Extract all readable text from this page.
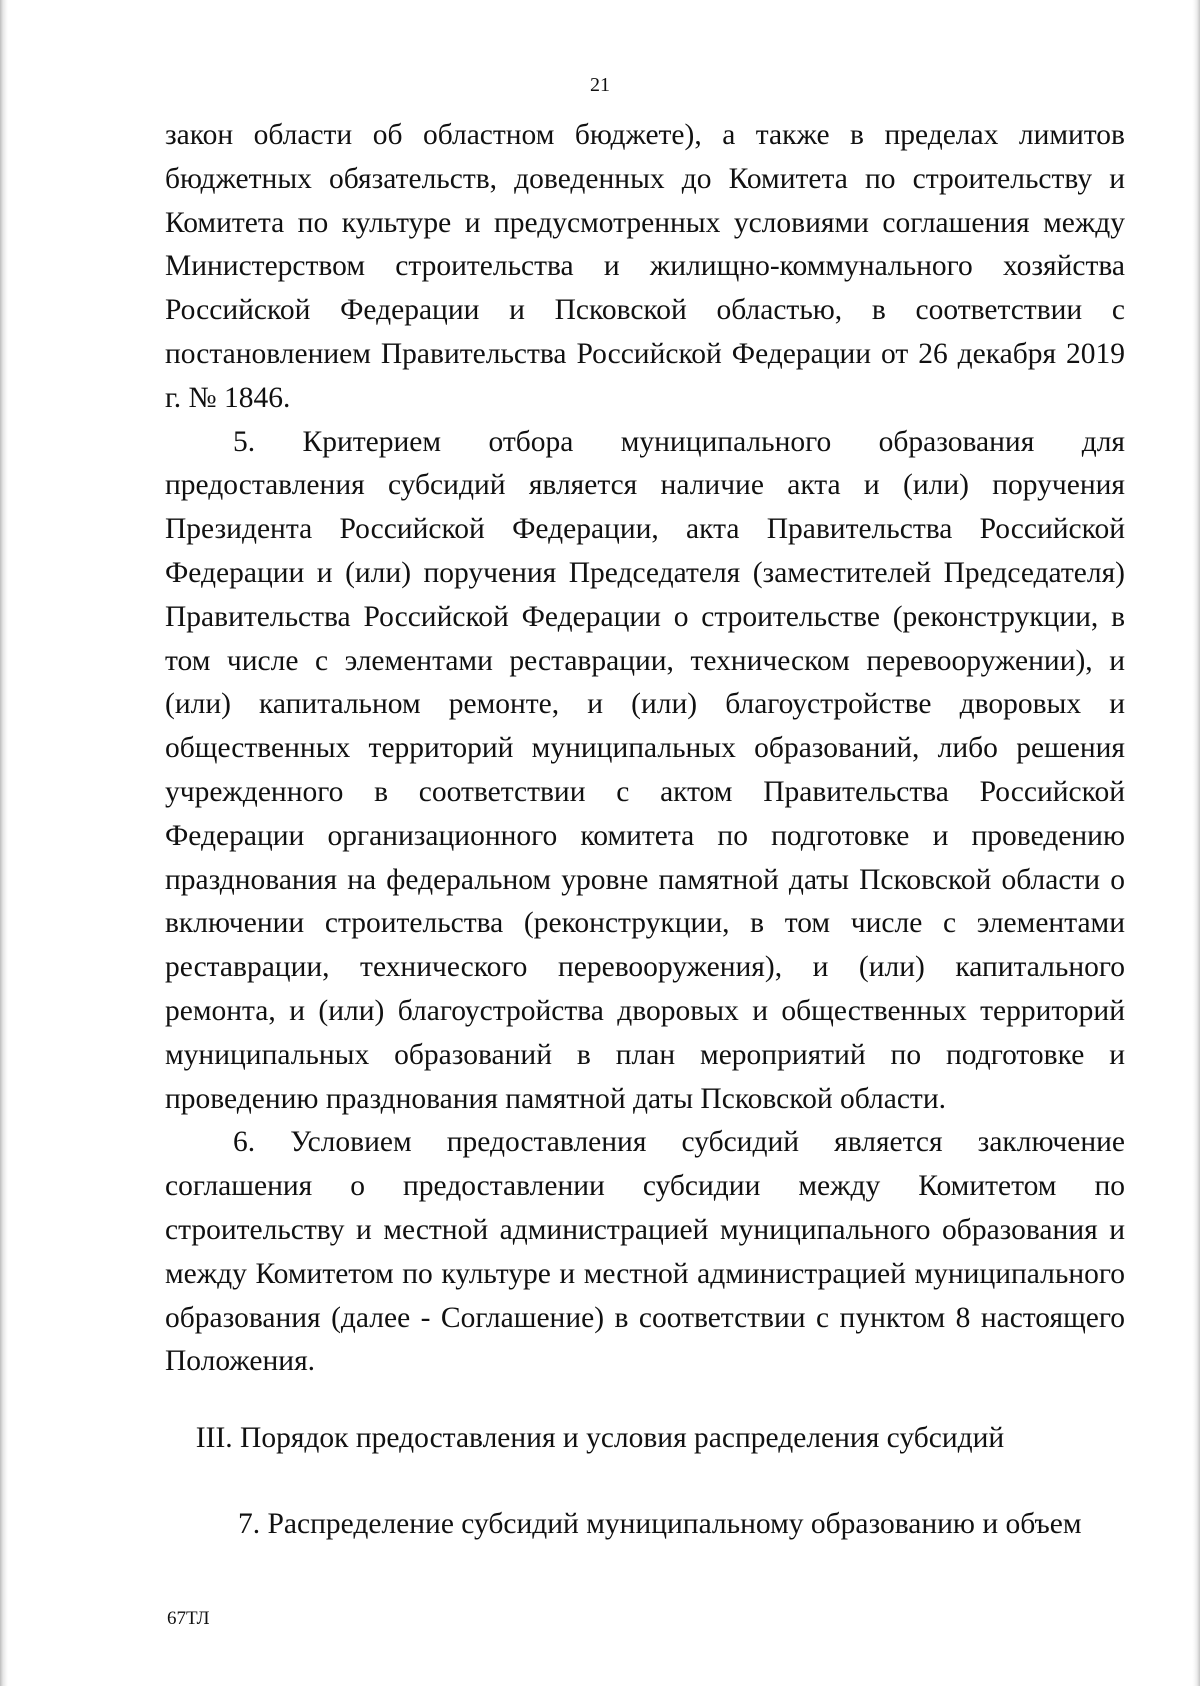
21

закон области об областном бюджете), а также в пределах лимитов бюджетных обязательств, доведенных до Комитета по строительству и Комитета по культуре и предусмотренных условиями соглашения между Министерством строительства и жилищно-коммунального хозяйства Российской Федерации и Псковской областью, в соответствии с постановлением Правительства Российской Федерации от 26 декабря 2019 г. № 1846.

5. Критерием отбора муниципального образования для предоставления субсидий является наличие акта и (или) поручения Президента Российской Федерации, акта Правительства Российской Федерации и (или) поручения Председателя (заместителей Председателя) Правительства Российской Федерации о строительстве (реконструкции, в том числе с элементами реставрации, техническом перевооружении), и (или) капитальном ремонте, и (или) благоустройстве дворовых и общественных территорий муниципальных образований, либо решения учрежденного в соответствии с актом Правительства Российской Федерации организационного комитета по подготовке и проведению празднования на федеральном уровне памятной даты Псковской области о включении строительства (реконструкции, в том числе с элементами реставрации, технического перевооружения), и (или) капитального ремонта, и (или) благоустройства дворовых и общественных территорий муниципальных образований в план мероприятий по подготовке и проведению празднования памятной даты Псковской области.

6. Условием предоставления субсидий является заключение соглашения о предоставлении субсидии между Комитетом по строительству и местной администрацией муниципального образования и между Комитетом по культуре и местной администрацией муниципального образования (далее - Соглашение) в соответствии с пунктом 8 настоящего Положения.

III. Порядок предоставления и условия распределения субсидий

7. Распределение субсидий муниципальному образованию и объем

67ТЛ
